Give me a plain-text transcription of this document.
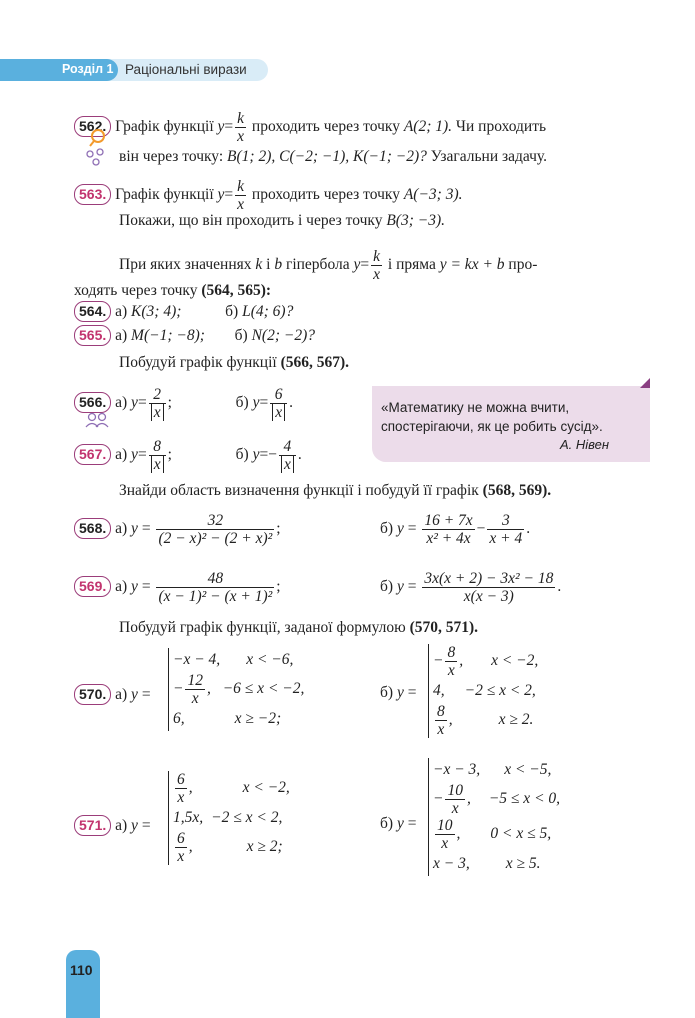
Розділ 1 Раціональні вирази
562. Графік функції $y= \frac{k}{x}$ проходить через точку A(2; 1). Чи проходить
він через точку: B(1; 2), C(−2; −1), K(−1; −2)? Узагальни задачу.
563. Графік функції $y= \frac{k}{x}$ проходить через точку A(−3; 3).
Покажи, що він проходить і через точку B(3; −3).
При яких значеннях k і b гіпербола $y= \frac{k}{x}$ і пряма y = kx + b про-
ходять через точку (564, 565):
564. а) K(3; 4);	б) L(4; 6)?
565. а) M(−1; −8); б) N(2; −2)?
Побудуй графік функції (566, 567).
566. а) $y= \frac{2}{x}$ ;	б) $y= \frac{6}{x}$ .	«Математику не можна вчити, спостерігаючи, як це робить сусід».
А. Нівен
567. а) $y= \frac{8}{x}$ ;	б) $y=- \frac{4}{x}$ .
Знайди область визначення функції і побудуй її графік (568, 569).
568. а) $y = \frac{32}{\text{(2 − x)² − (2 + x)²}}$ ;	б) $y = \frac{16 + 7x}{\text{x² + 4x}} - \frac{3}{x + 4}$ .
569. а) $y = \frac{48}{\text{(x − 1)² − (x + 1)²}}$ ;	б) $y = \frac{\text{3x(x + 2) − 3x² − 18}}{x(x - 3)}$ .
Побудуй графік функції, заданої формулою (570, 571).
570. а) y =
−x − 4, x < −6,
− $\frac{12}{x}$ , −6 ≤ x < −2,
6,	x ≥ −2;
б) y =
− $\frac{8}{x}$ , x < −2,
4, −2 ≤ x < 2,
$\frac{8}{x}$ ,	x ≥ 2.
571. а) y =
$\frac{6}{x}$ ,	x < −2,
1,5x, −2 ≤ x < 2,
$\frac{6}{x}$ ,	x ≥ 2;
б) y =
−x − 3, x < −5,
− $\frac{10}{x}$ , −5 ≤ x < 0,
$\frac{10}{x}$ , 0 < x ≤ 5,
x − 3, x ≥ 5.
110
